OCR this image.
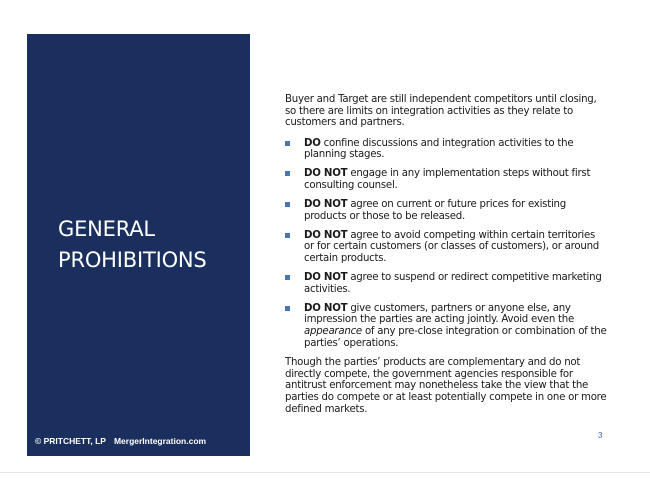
GENERAL
PROHIBITIONS
© PRITCHETT, LP MergerIntegration.com

Buyer and Target are still independent competitors until closing, so there are limits on integration activities as they relate to customers and partners.

DO confine discussions and integration activities to the planning stages.
DO NOT engage in any implementation steps without first consulting counsel.
DO NOT agree on current or future prices for existing products or those to be released.
DO NOT agree to avoid competing within certain territories or for certain customers (or classes of customers), or around certain products.
DO NOT agree to suspend or redirect competitive marketing activities.
DO NOT give customers, partners or anyone else, any impression the parties are acting jointly. Avoid even the appearance of any pre-close integration or combination of the parties’ operations.

Though the parties’ products are complementary and do not directly compete, the government agencies responsible for antitrust enforcement may nonetheless take the view that the parties do compete or at least potentially compete in one or more defined markets.

3
